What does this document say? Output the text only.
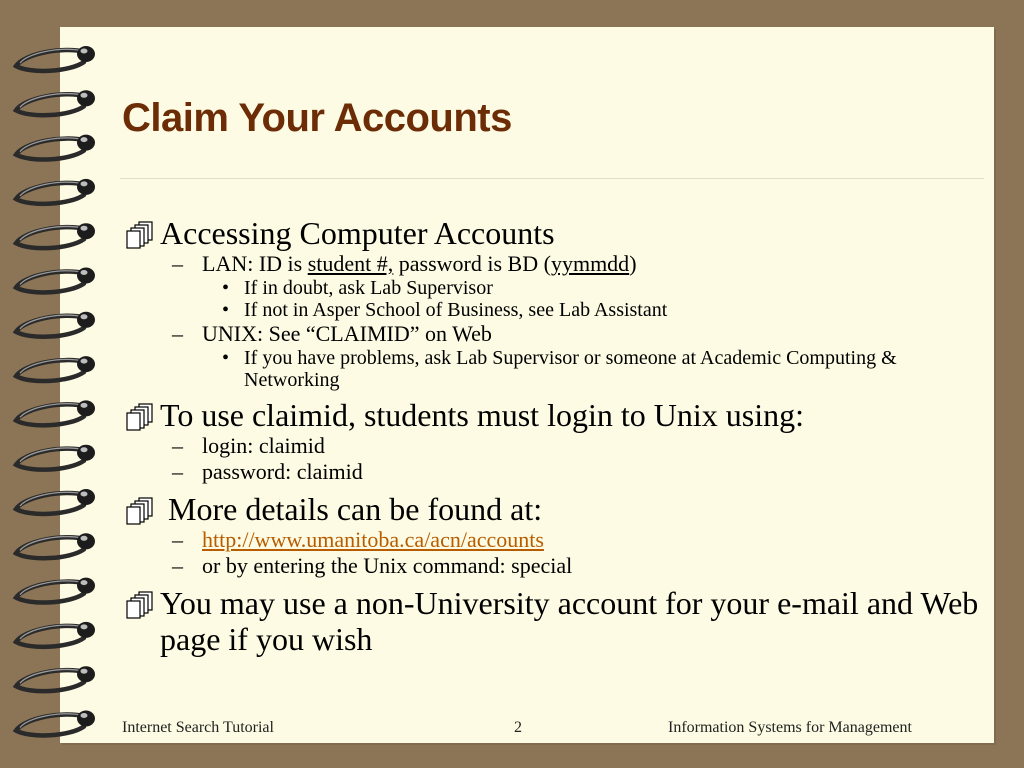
Claim Your Accounts
Accessing Computer Accounts
– LAN: ID is student #, password is BD (yymmdd)
• If in doubt, ask Lab Supervisor
• If not in Asper School of Business, see Lab Assistant
– UNIX: See “CLAIMID” on Web
• If you have problems, ask Lab Supervisor or someone at Academic Computing & Networking
To use claimid, students must login to Unix using:
– login: claimid
– password: claimid
More details can be found at:
– http://www.umanitoba.ca/acn/accounts
– or by entering the Unix command: special
You may use a non-University account for your e-mail and Web page if you wish
Internet Search Tutorial	2	Information Systems for Management
